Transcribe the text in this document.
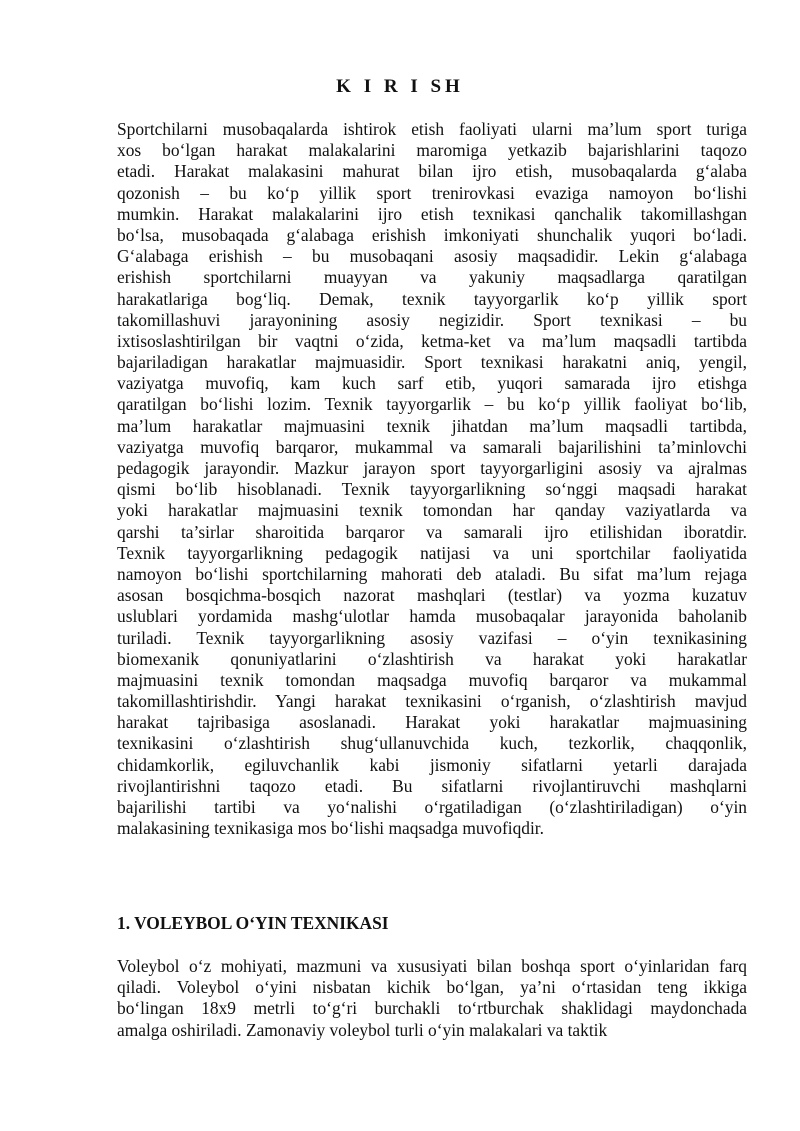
K I R I SH
Sportchilarni musobaqalarda ishtirok etish faoliyati ularni ma’lum sport turiga
xos bo‘lgan harakat malakalarini maromiga yetkazib bajarishlarini taqozo
etadi. Harakat malakasini mahurat bilan ijro etish, musobaqalarda g‘alaba
qozonish – bu ko‘p yillik sport trenirovkasi evaziga namoyon bo‘lishi
mumkin. Harakat malakalarini ijro etish texnikasi qanchalik takomillashgan
bo‘lsa, musobaqada g‘alabaga erishish imkoniyati shunchalik yuqori bo‘ladi.
G‘alabaga erishish – bu musobaqani asosiy maqsadidir. Lekin g‘alabaga
erishish sportchilarni muayyan va yakuniy maqsadlarga qaratilgan
harakatlariga bog‘liq. Demak, texnik tayyorgarlik ko‘p yillik sport
takomillashuvi jarayonining asosiy negizidir. Sport texnikasi – bu
ixtisoslashtirilgan bir vaqtni o‘zida, ketma-ket va ma’lum maqsadli tartibda
bajariladigan harakatlar majmuasidir. Sport texnikasi harakatni aniq, yengil,
vaziyatga muvofiq, kam kuch sarf etib, yuqori samarada ijro etishga
qaratilgan bo‘lishi lozim. Texnik tayyorgarlik – bu ko‘p yillik faoliyat bo‘lib,
ma’lum harakatlar majmuasini texnik jihatdan ma’lum maqsadli tartibda,
vaziyatga muvofiq barqaror, mukammal va samarali bajarilishini ta’minlovchi
pedagogik jarayondir. Mazkur jarayon sport tayyorgarligini asosiy va ajralmas
qismi bo‘lib hisoblanadi. Texnik tayyorgarlikning so‘nggi maqsadi harakat
yoki harakatlar majmuasini texnik tomondan har qanday vaziyatlarda va
qarshi ta’sirlar sharoitida barqaror va samarali ijro etilishidan iboratdir.
Texnik tayyorgarlikning pedagogik natijasi va uni sportchilar faoliyatida
namoyon bo‘lishi sportchilarning mahorati deb ataladi. Bu sifat ma’lum rejaga
asosan bosqichma-bosqich nazorat mashqlari (testlar) va yozma kuzatuv
uslublari yordamida mashg‘ulotlar hamda musobaqalar jarayonida baholanib
turiladi. Texnik tayyorgarlikning asosiy vazifasi – o‘yin texnikasining
biomexanik qonuniyatlarini o‘zlashtirish va harakat yoki harakatlar
majmuasini texnik tomondan maqsadga muvofiq barqaror va mukammal
takomillashtirishdir. Yangi harakat texnikasini o‘rganish, o‘zlashtirish mavjud
harakat tajribasiga asoslanadi. Harakat yoki harakatlar majmuasining
texnikasini o‘zlashtirish shug‘ullanuvchida kuch, tezkorlik, chaqqonlik,
chidamkorlik, egiluvchanlik kabi jismoniy sifatlarni yetarli darajada
rivojlantirishni taqozo etadi. Bu sifatlarni rivojlantiruvchi mashqlarni
bajarilishi tartibi va yo‘nalishi o‘rgatiladigan (o‘zlashtiriladigan) o‘yin
malakasining texnikasiga mos bo‘lishi maqsadga muvofiqdir.
1. VOLEYBOL O‘YIN TEXNIKASI
Voleybol o‘z mohiyati, mazmuni va xususiyati bilan boshqa sport o‘yinlaridan farq
qiladi. Voleybol o‘yini nisbatan kichik bo‘lgan, ya’ni o‘rtasidan teng ikkiga
bo‘lingan 18x9 metrli to‘g‘ri burchakli to‘rtburchak shaklidagi maydonchada
amalga oshiriladi. Zamonaviy voleybol turli o‘yin malakalari va taktik
